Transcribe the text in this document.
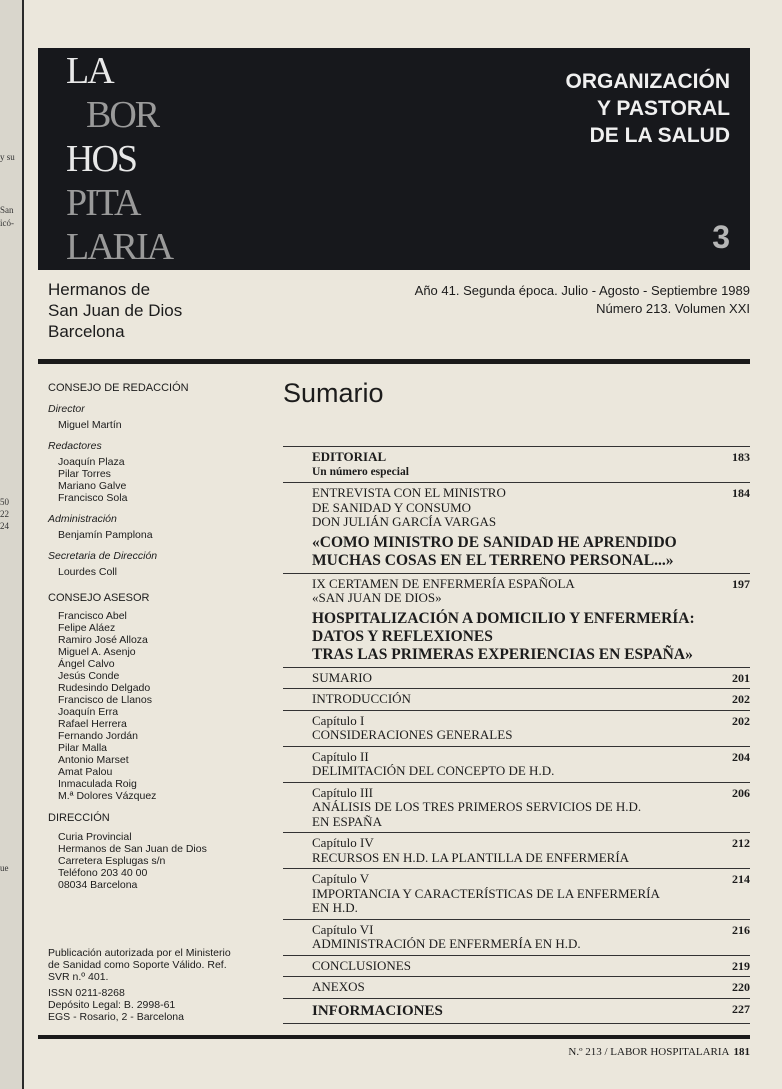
y su
San
icó-
50
22
24
ue
LA
BOR
HOS
PITA
LARIA
ORGANIZACIÓN
Y PASTORAL
DE LA SALUD
3
Hermanos de
San Juan de Dios
Barcelona
Año 41. Segunda época. Julio - Agosto - Septiembre 1989
Número 213. Volumen XXI
CONSEJO DE REDACCIÓN
Director
Miguel Martín
Redactores
Joaquín Plaza
Pilar Torres
Mariano Galve
Francisco Sola
Administración
Benjamín Pamplona
Secretaria de Dirección
Lourdes Coll
CONSEJO ASESOR
Francisco Abel
Felipe Aláez
Ramiro José Alloza
Miguel A. Asenjo
Ángel Calvo
Jesús Conde
Rudesindo Delgado
Francisco de Llanos
Joaquín Erra
Rafael Herrera
Fernando Jordán
Pilar Malla
Antonio Marset
Amat Palou
Inmaculada Roig
M.ª Dolores Vázquez
DIRECCIÓN
Curia Provincial
Hermanos de San Juan de Dios
Carretera Esplugas s/n
Teléfono 203 40 00
08034 Barcelona
Publicación autorizada por el Ministerio
de Sanidad como Soporte Válido. Ref.
SVR n.º 401.
ISSN 0211-8268
Depósito Legal: B. 2998-61
EGS - Rosario, 2 - Barcelona
Sumario
EDITORIAL
Un número especial
183
ENTREVISTA CON EL MINISTRO
DE SANIDAD Y CONSUMO
DON JULIÁN GARCÍA VARGAS
«COMO MINISTRO DE SANIDAD HE APRENDIDO
MUCHAS COSAS EN EL TERRENO PERSONAL...»
184
IX CERTAMEN DE ENFERMERÍA ESPAÑOLA
«SAN JUAN DE DIOS»
HOSPITALIZACIÓN A DOMICILIO Y ENFERMERÍA:
DATOS Y REFLEXIONES
TRAS LAS PRIMERAS EXPERIENCIAS EN ESPAÑA»
197
SUMARIO	201
INTRODUCCIÓN	202
Capítulo I
CONSIDERACIONES GENERALES
202
Capítulo II
DELIMITACIÓN DEL CONCEPTO DE H.D.
204
Capítulo III
ANÁLISIS DE LOS TRES PRIMEROS SERVICIOS DE H.D.
EN ESPAÑA
206
Capítulo IV
RECURSOS EN H.D. LA PLANTILLA DE ENFERMERÍA
212
Capítulo V
IMPORTANCIA Y CARACTERÍSTICAS DE LA ENFERMERÍA
EN H.D.
214
Capítulo VI
ADMINISTRACIÓN DE ENFERMERÍA EN H.D.
216
CONCLUSIONES	219
ANEXOS	220
INFORMACIONES	227
N.º 213 / LABOR HOSPITALARIA 181
